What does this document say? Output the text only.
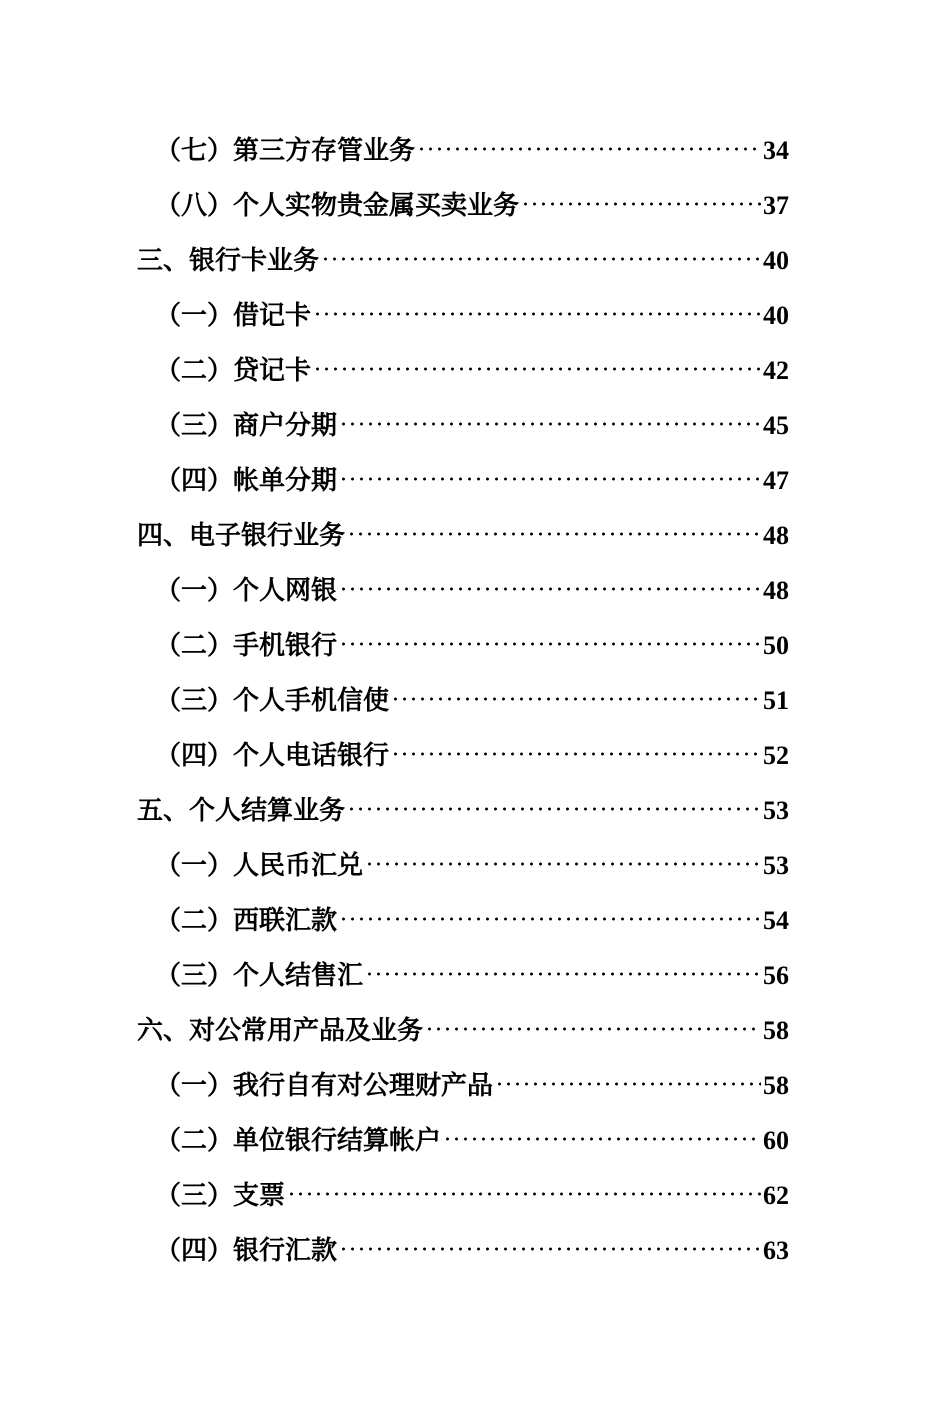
（七）第三方存管业务	34
（八）个人实物贵金属买卖业务	37
三、银行卡业务	40
（一）借记卡	40
（二）贷记卡	42
（三）商户分期	45
（四）帐单分期	47
四、电子银行业务	48
（一）个人网银	48
（二）手机银行	50
（三）个人手机信使	51
（四）个人电话银行	52
五、个人结算业务	53
（一）人民币汇兑	53
（二）西联汇款	54
（三）个人结售汇	56
六、对公常用产品及业务	58
（一）我行自有对公理财产品	58
（二）单位银行结算帐户	60
（三）支票	62
（四）银行汇款	63
